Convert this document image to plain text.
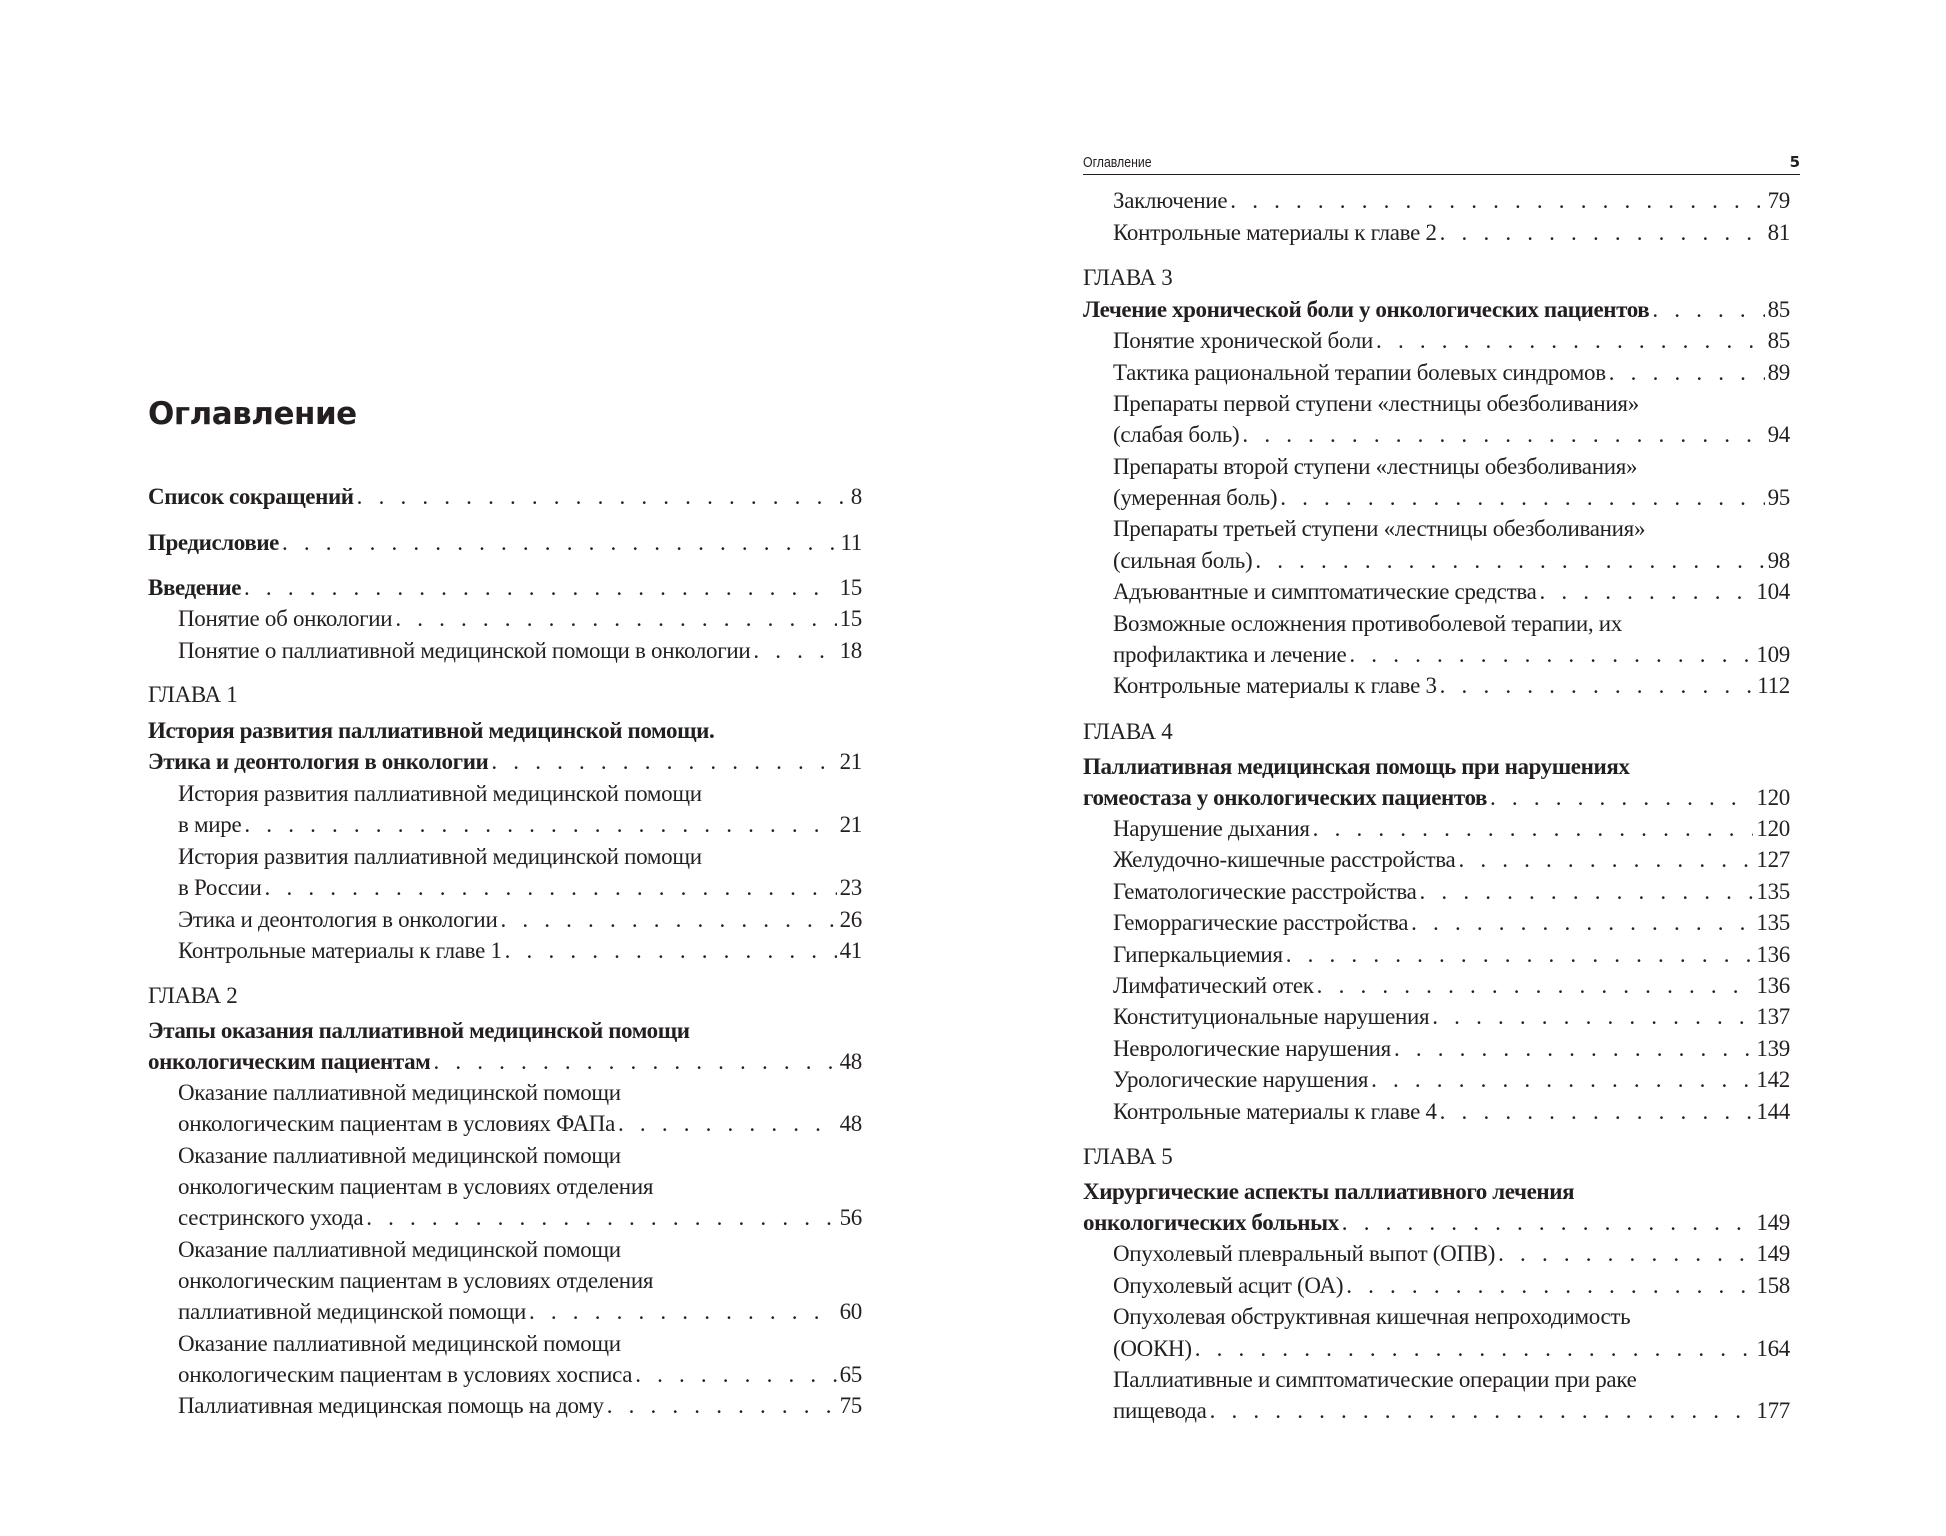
Оглавление
Список сокращений . . .	8
Предисловие . . .	11
Введение . . .	15
Понятие об онкологии . . .	15
Понятие о паллиативной медицинской помощи в онкологии . . .	18
ГЛАВА 1
История развития паллиативной медицинской помощи.
Этика и деонтология в онкологии . . .	21
История развития паллиативной медицинской помощи
в мире . . .	21
История развития паллиативной медицинской помощи
в России . . .	23
Этика и деонтология в онкологии . . .	26
Контрольные материалы к главе 1 . . .	41
ГЛАВА 2
Этапы оказания паллиативной медицинской помощи
онкологическим пациентам . . .	48
Оказание паллиативной медицинской помощи
онкологическим пациентам в условиях ФАПа . . .	48
Оказание паллиативной медицинской помощи
онкологическим пациентам в условиях отделения
сестринского ухода . . .	56
Оказание паллиативной медицинской помощи
онкологическим пациентам в условиях отделения
паллиативной медицинской помощи . . .	60
Оказание паллиативной медицинской помощи
онкологическим пациентам в условиях хосписа . . .	65
Паллиативная медицинская помощь на дому . . .	75
Оглавление	5
Заключение . . .	79
Контрольные материалы к главе 2 . . .	81
ГЛАВА 3
Лечение хронической боли у онкологических пациентов . . .	85
Понятие хронической боли . . .	85
Тактика рациональной терапии болевых синдромов . . .	89
Препараты первой ступени «лестницы обезболивания»
(слабая боль) . . .	94
Препараты второй ступени «лестницы обезболивания»
(умеренная боль) . . .	95
Препараты третьей ступени «лестницы обезболивания»
(сильная боль) . . .	98
Адъювантные и симптоматические средства . . .	104
Возможные осложнения противоболевой терапии, их
профилактика и лечение . . .	109
Контрольные материалы к главе 3 . . .	112
ГЛАВА 4
Паллиативная медицинская помощь при нарушениях
гомеостаза у онкологических пациентов . . .	120
Нарушение дыхания . . .	120
Желудочно-кишечные расстройства . . .	127
Гематологические расстройства . . .	135
Геморрагические расстройства . . .	135
Гиперкальциемия . . .	136
Лимфатический отек . . .	136
Конституциональные нарушения . . .	137
Неврологические нарушения . . .	139
Урологические нарушения . . .	142
Контрольные материалы к главе 4 . . .	144
ГЛАВА 5
Хирургические аспекты паллиативного лечения
онкологических больных . . .	149
Опухолевый плевральный выпот (ОПВ) . . .	149
Опухолевый асцит (ОА) . . .	158
Опухолевая обструктивная кишечная непроходимость
(ООКН) . . .	164
Паллиативные и симптоматические операции при раке
пищевода . . .	177
